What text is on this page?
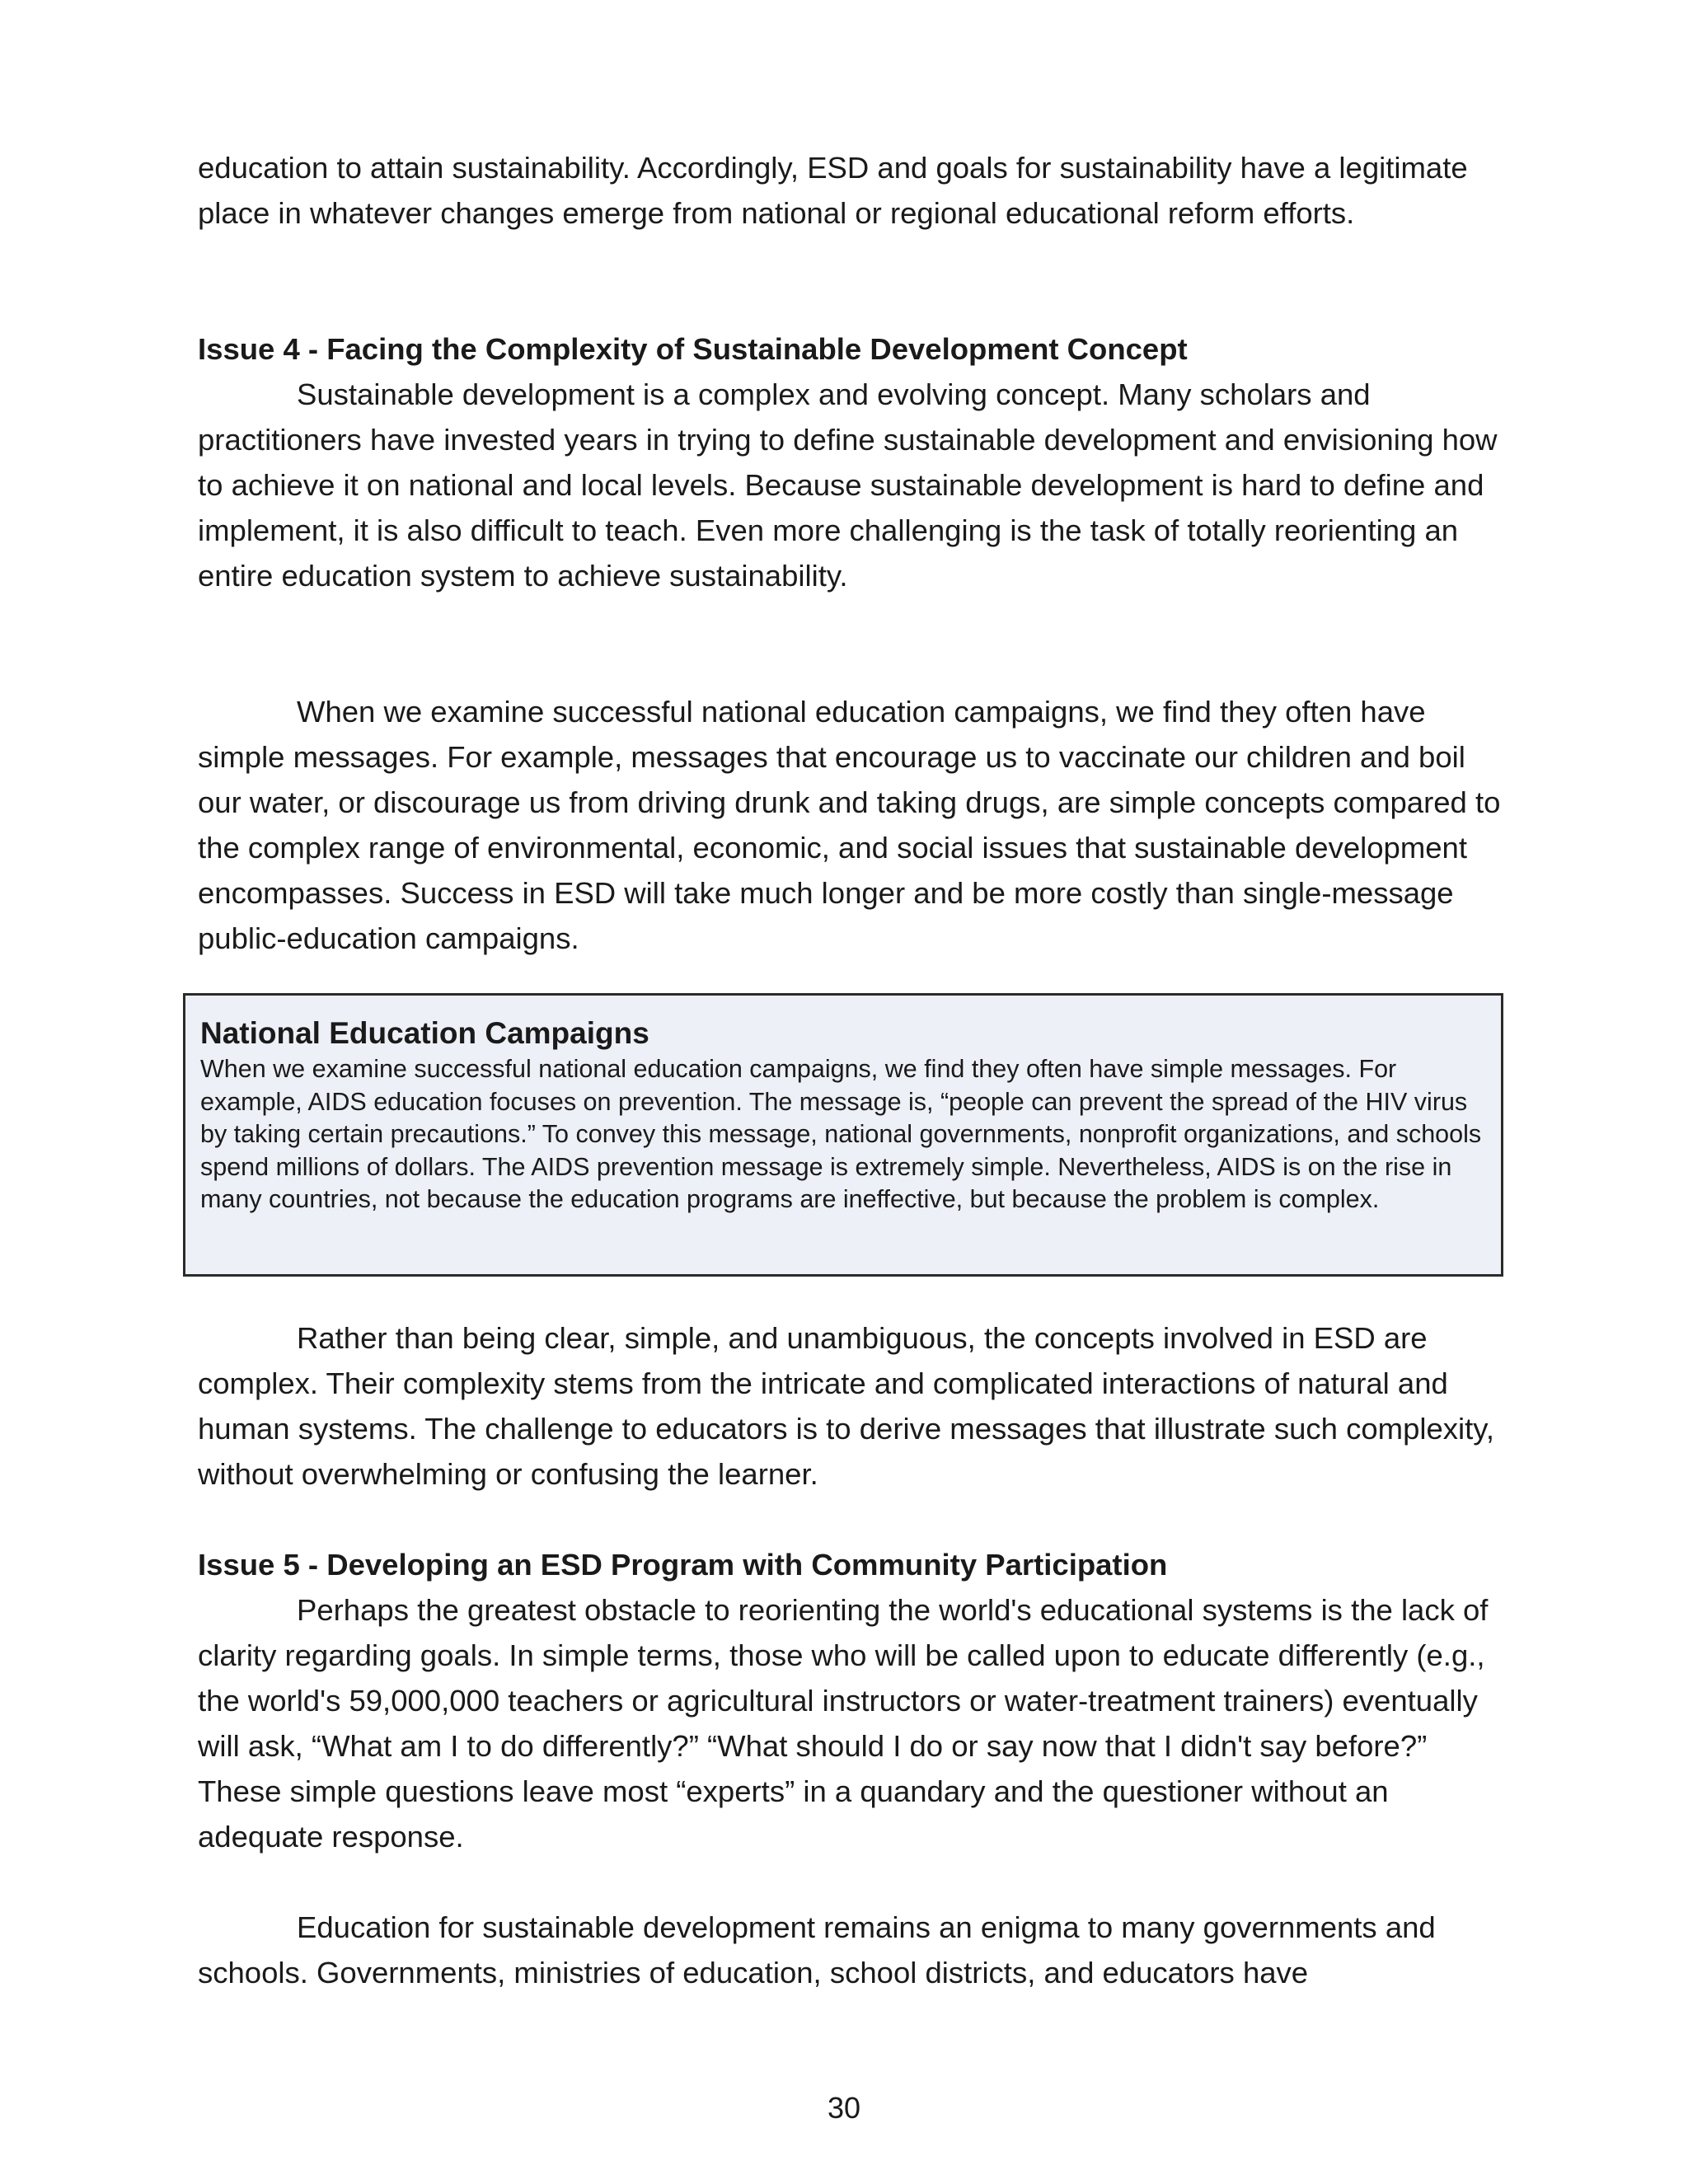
education to attain sustainability. Accordingly, ESD and goals for sustainability have a legitimate place in whatever changes emerge from national or regional educational reform efforts.

Issue 4 - Facing the Complexity of Sustainable Development Concept

Sustainable development is a complex and evolving concept. Many scholars and practitioners have invested years in trying to define sustainable development and envisioning how to achieve it on national and local levels. Because sustainable development is hard to define and implement, it is also difficult to teach. Even more challenging is the task of totally reorienting an entire education system to achieve sustainability.

When we examine successful national education campaigns, we find they often have simple messages. For example, messages that encourage us to vaccinate our children and boil our water, or discourage us from driving drunk and taking drugs, are simple concepts compared to the complex range of environmental, economic, and social issues that sustainable development encompasses. Success in ESD will take much longer and be more costly than single-message public-education campaigns.

National Education Campaigns

When we examine successful national education campaigns, we find they often have simple messages. For example, AIDS education focuses on prevention. The message is, “people can prevent the spread of the HIV virus by taking certain precautions.” To convey this message, national governments, nonprofit organizations, and schools spend millions of dollars. The AIDS prevention message is extremely simple. Nevertheless, AIDS is on the rise in many countries, not because the education programs are ineffective, but because the problem is complex.

Rather than being clear, simple, and unambiguous, the concepts involved in ESD are complex. Their complexity stems from the intricate and complicated interactions of natural and human systems. The challenge to educators is to derive messages that illustrate such complexity, without overwhelming or confusing the learner.

Issue 5 - Developing an ESD Program with Community Participation

Perhaps the greatest obstacle to reorienting the world's educational systems is the lack of clarity regarding goals. In simple terms, those who will be called upon to educate differently (e.g., the world's 59,000,000 teachers or agricultural instructors or water-treatment trainers) eventually will ask, “What am I to do differently?” “What should I do or say now that I didn't say before?” These simple questions leave most “experts” in a quandary and the questioner without an adequate response.

Education for sustainable development remains an enigma to many governments and schools. Governments, ministries of education, school districts, and educators have

30
